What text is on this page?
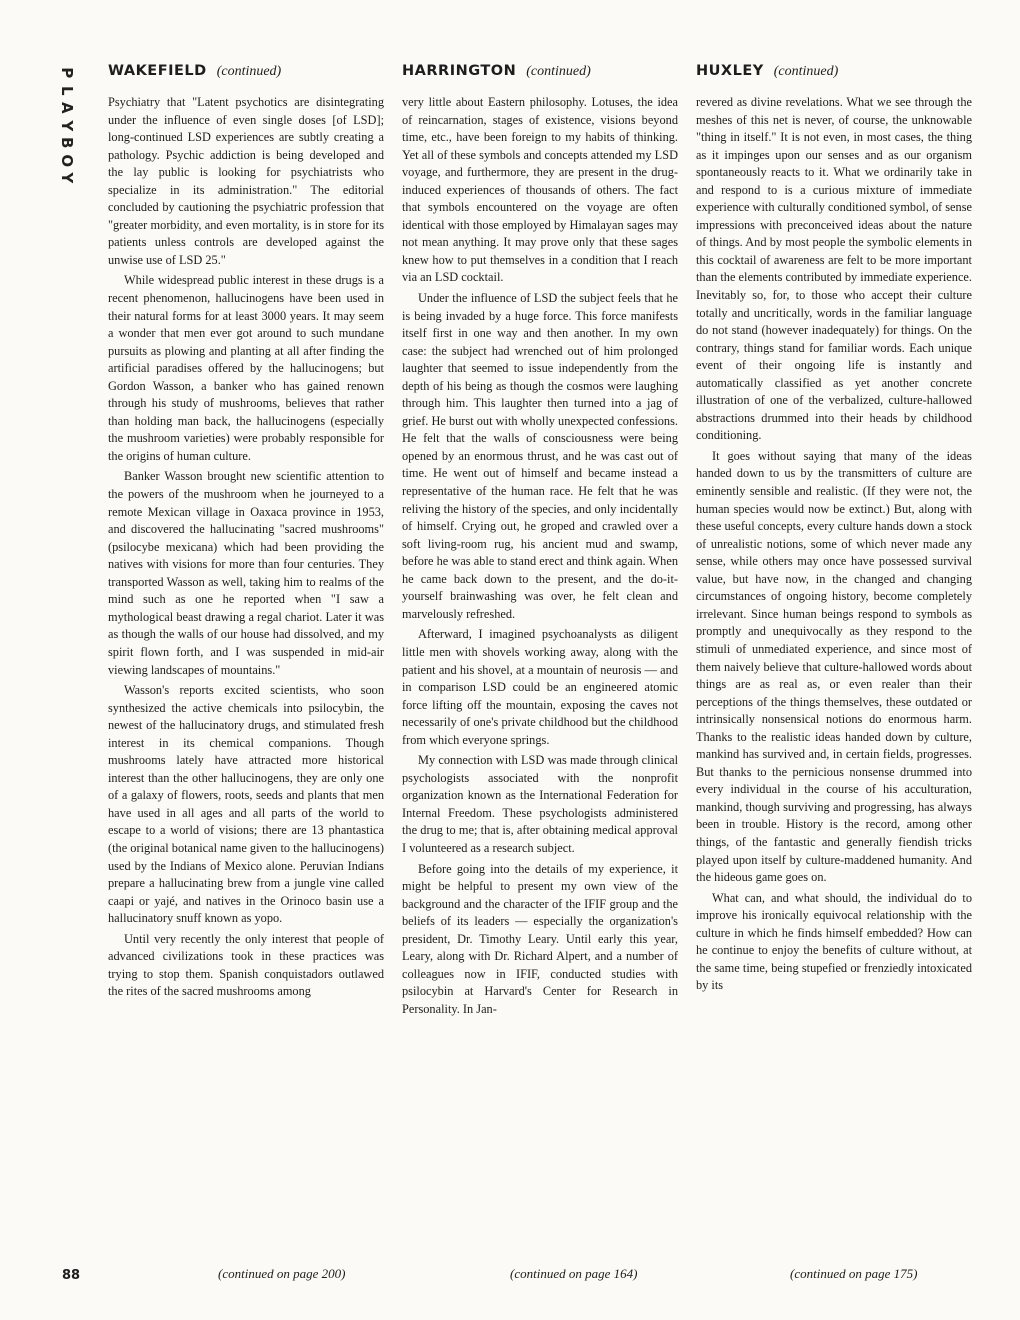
P
L
A
Y
B
O
Y
WAKEFIELD (continued)

Psychiatry that "Latent psychotics are disintegrating under the influence of even single doses [of LSD]; long-continued LSD experiences are subtly creating a pathology. Psychic addiction is being developed and the lay public is looking for psychiatrists who specialize in its administration." The editorial concluded by cautioning the psychiatric profession that "greater morbidity, and even mortality, is in store for its patients unless controls are developed against the unwise use of LSD 25."

While widespread public interest in these drugs is a recent phenomenon, hallucinogens have been used in their natural forms for at least 3000 years. It may seem a wonder that men ever got around to such mundane pursuits as plowing and planting at all after finding the artificial paradises offered by the hallucinogens; but Gordon Wasson, a banker who has gained renown through his study of mushrooms, believes that rather than holding man back, the hallucinogens (especially the mushroom varieties) were probably responsible for the origins of human culture.

Banker Wasson brought new scientific attention to the powers of the mushroom when he journeyed to a remote Mexican village in Oaxaca province in 1953, and discovered the hallucinating "sacred mushrooms" (psilocybe mexicana) which had been providing the natives with visions for more than four centuries. They transported Wasson as well, taking him to realms of the mind such as one he reported when "I saw a mythological beast drawing a regal chariot. Later it was as though the walls of our house had dissolved, and my spirit flown forth, and I was suspended in mid-air viewing landscapes of mountains."

Wasson's reports excited scientists, who soon synthesized the active chemicals into psilocybin, the newest of the hallucinatory drugs, and stimulated fresh interest in its chemical companions. Though mushrooms lately have attracted more historical interest than the other hallucinogens, they are only one of a galaxy of flowers, roots, seeds and plants that men have used in all ages and all parts of the world to escape to a world of visions; there are 13 phantastica (the original botanical name given to the hallucinogens) used by the Indians of Mexico alone. Peruvian Indians prepare a hallucinating brew from a jungle vine called caapi or yajé, and natives in the Orinoco basin use a hallucinatory snuff known as yopo.

Until very recently the only interest that people of advanced civilizations took in these practices was trying to stop them. Spanish conquistadors outlawed the rites of the sacred mushrooms among

HARRINGTON (continued)

very little about Eastern philosophy. Lotuses, the idea of reincarnation, stages of existence, visions beyond time, etc., have been foreign to my habits of thinking. Yet all of these symbols and concepts attended my LSD voyage, and furthermore, they are present in the drug-induced experiences of thousands of others. The fact that symbols encountered on the voyage are often identical with those employed by Himalayan sages may not mean anything. It may prove only that these sages knew how to put themselves in a condition that I reach via an LSD cocktail.

Under the influence of LSD the subject feels that he is being invaded by a huge force. This force manifests itself first in one way and then another. In my own case: the subject had wrenched out of him prolonged laughter that seemed to issue independently from the depth of his being as though the cosmos were laughing through him. This laughter then turned into a jag of grief. He burst out with wholly unexpected confessions. He felt that the walls of consciousness were being opened by an enormous thrust, and he was cast out of time. He went out of himself and became instead a representative of the human race. He felt that he was reliving the history of the species, and only incidentally of himself. Crying out, he groped and crawled over a soft living-room rug, his ancient mud and swamp, before he was able to stand erect and think again. When he came back down to the present, and the do-it-yourself brainwashing was over, he felt clean and marvelously refreshed.

Afterward, I imagined psychoanalysts as diligent little men with shovels working away, along with the patient and his shovel, at a mountain of neurosis — and in comparison LSD could be an engineered atomic force lifting off the mountain, exposing the caves not necessarily of one's private childhood but the childhood from which everyone springs.

My connection with LSD was made through clinical psychologists associated with the nonprofit organization known as the International Federation for Internal Freedom. These psychologists administered the drug to me; that is, after obtaining medical approval I volunteered as a research subject.

Before going into the details of my experience, it might be helpful to present my own view of the background and the character of the IFIF group and the beliefs of its leaders — especially the organization's president, Dr. Timothy Leary. Until early this year, Leary, along with Dr. Richard Alpert, and a number of colleagues now in IFIF, conducted studies with psilocybin at Harvard's Center for Research in Personality. In Jan-

HUXLEY (continued)

revered as divine revelations. What we see through the meshes of this net is never, of course, the unknowable "thing in itself." It is not even, in most cases, the thing as it impinges upon our senses and as our organism spontaneously reacts to it. What we ordinarily take in and respond to is a curious mixture of immediate experience with culturally conditioned symbol, of sense impressions with preconceived ideas about the nature of things. And by most people the symbolic elements in this cocktail of awareness are felt to be more important than the elements contributed by immediate experience. Inevitably so, for, to those who accept their culture totally and uncritically, words in the familiar language do not stand (however inadequately) for things. On the contrary, things stand for familiar words. Each unique event of their ongoing life is instantly and automatically classified as yet another concrete illustration of one of the verbalized, culture-hallowed abstractions drummed into their heads by childhood conditioning.

It goes without saying that many of the ideas handed down to us by the transmitters of culture are eminently sensible and realistic. (If they were not, the human species would now be extinct.) But, along with these useful concepts, every culture hands down a stock of unrealistic notions, some of which never made any sense, while others may once have possessed survival value, but have now, in the changed and changing circumstances of ongoing history, become completely irrelevant. Since human beings respond to symbols as promptly and unequivocally as they respond to the stimuli of unmediated experience, and since most of them naively believe that culture-hallowed words about things are as real as, or even realer than their perceptions of the things themselves, these outdated or intrinsically nonsensical notions do enormous harm. Thanks to the realistic ideas handed down by culture, mankind has survived and, in certain fields, progresses. But thanks to the pernicious nonsense drummed into every individual in the course of his acculturation, mankind, though surviving and progressing, has always been in trouble. History is the record, among other things, of the fantastic and generally fiendish tricks played upon itself by culture-maddened humanity. And the hideous game goes on.

What can, and what should, the individual do to improve his ironically equivocal relationship with the culture in which he finds himself embedded? How can he continue to enjoy the benefits of culture without, at the same time, being stupefied or frenziedly intoxicated by its

(continued on page 200)	(continued on page 164)	(continued on page 175)
88
